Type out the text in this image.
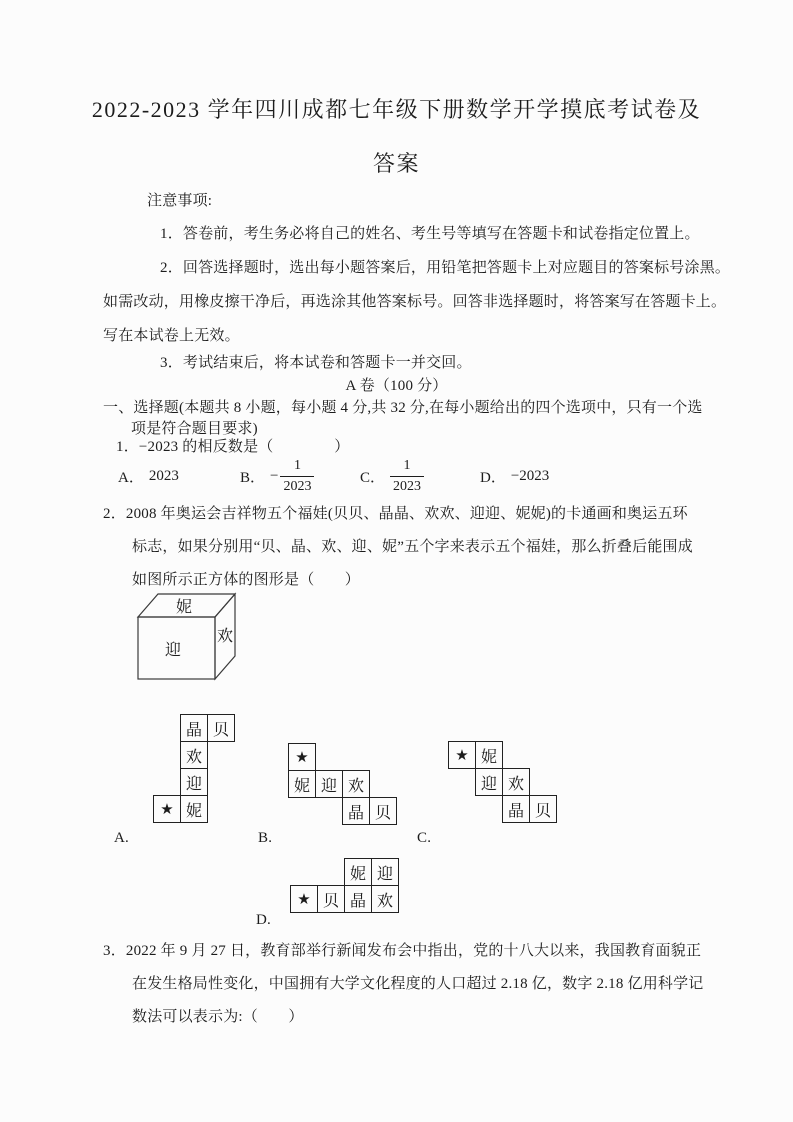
2022-2023 学年四川成都七年级下册数学开学摸底考试卷及
答案
注意事项:
1．答卷前，考生务必将自己的姓名、考生号等填写在答题卡和试卷指定位置上。
2．回答选择题时，选出每小题答案后，用铅笔把答题卡上对应题目的答案标号涂黑。
如需改动，用橡皮擦干净后，再选涂其他答案标号。回答非选择题时，将答案写在答题卡上。
写在本试卷上无效。
3．考试结束后，将本试卷和答题卡一并交回。
A 卷（100 分）
一、选择题(本题共 8 小题，每小题 4 分,共 32 分,在每小题给出的四个选项中，只有一个选
项是符合题目要求)
1．−2023 的相反数是（　　　　）
A． 2023	B． − $\frac{1}{2023}$	C． $\frac{1}{2023}$	D． −2023
2．2008 年奥运会吉祥物五个福娃(贝贝、晶晶、欢欢、迎迎、妮妮)的卡通画和奥运五环
标志，如果分别用“贝、晶、欢、迎、妮”五个字来表示五个福娃，那么折叠后能围成
如图所示正方体的图形是（　　）
妮
迎
欢
晶 贝
欢
迎
★ 妮
A.
★
妮 迎 欢
晶 贝
B.
★ 妮
迎 欢
晶 贝
C.
妮 迎
★ 贝 晶 欢
D.
3．2022 年 9 月 27 日，教育部举行新闻发布会中指出，党的十八大以来，我国教育面貌正
在发生格局性变化，中国拥有大学文化程度的人口超过 2.18 亿，数字 2.18 亿用科学记
数法可以表示为:（　　）
